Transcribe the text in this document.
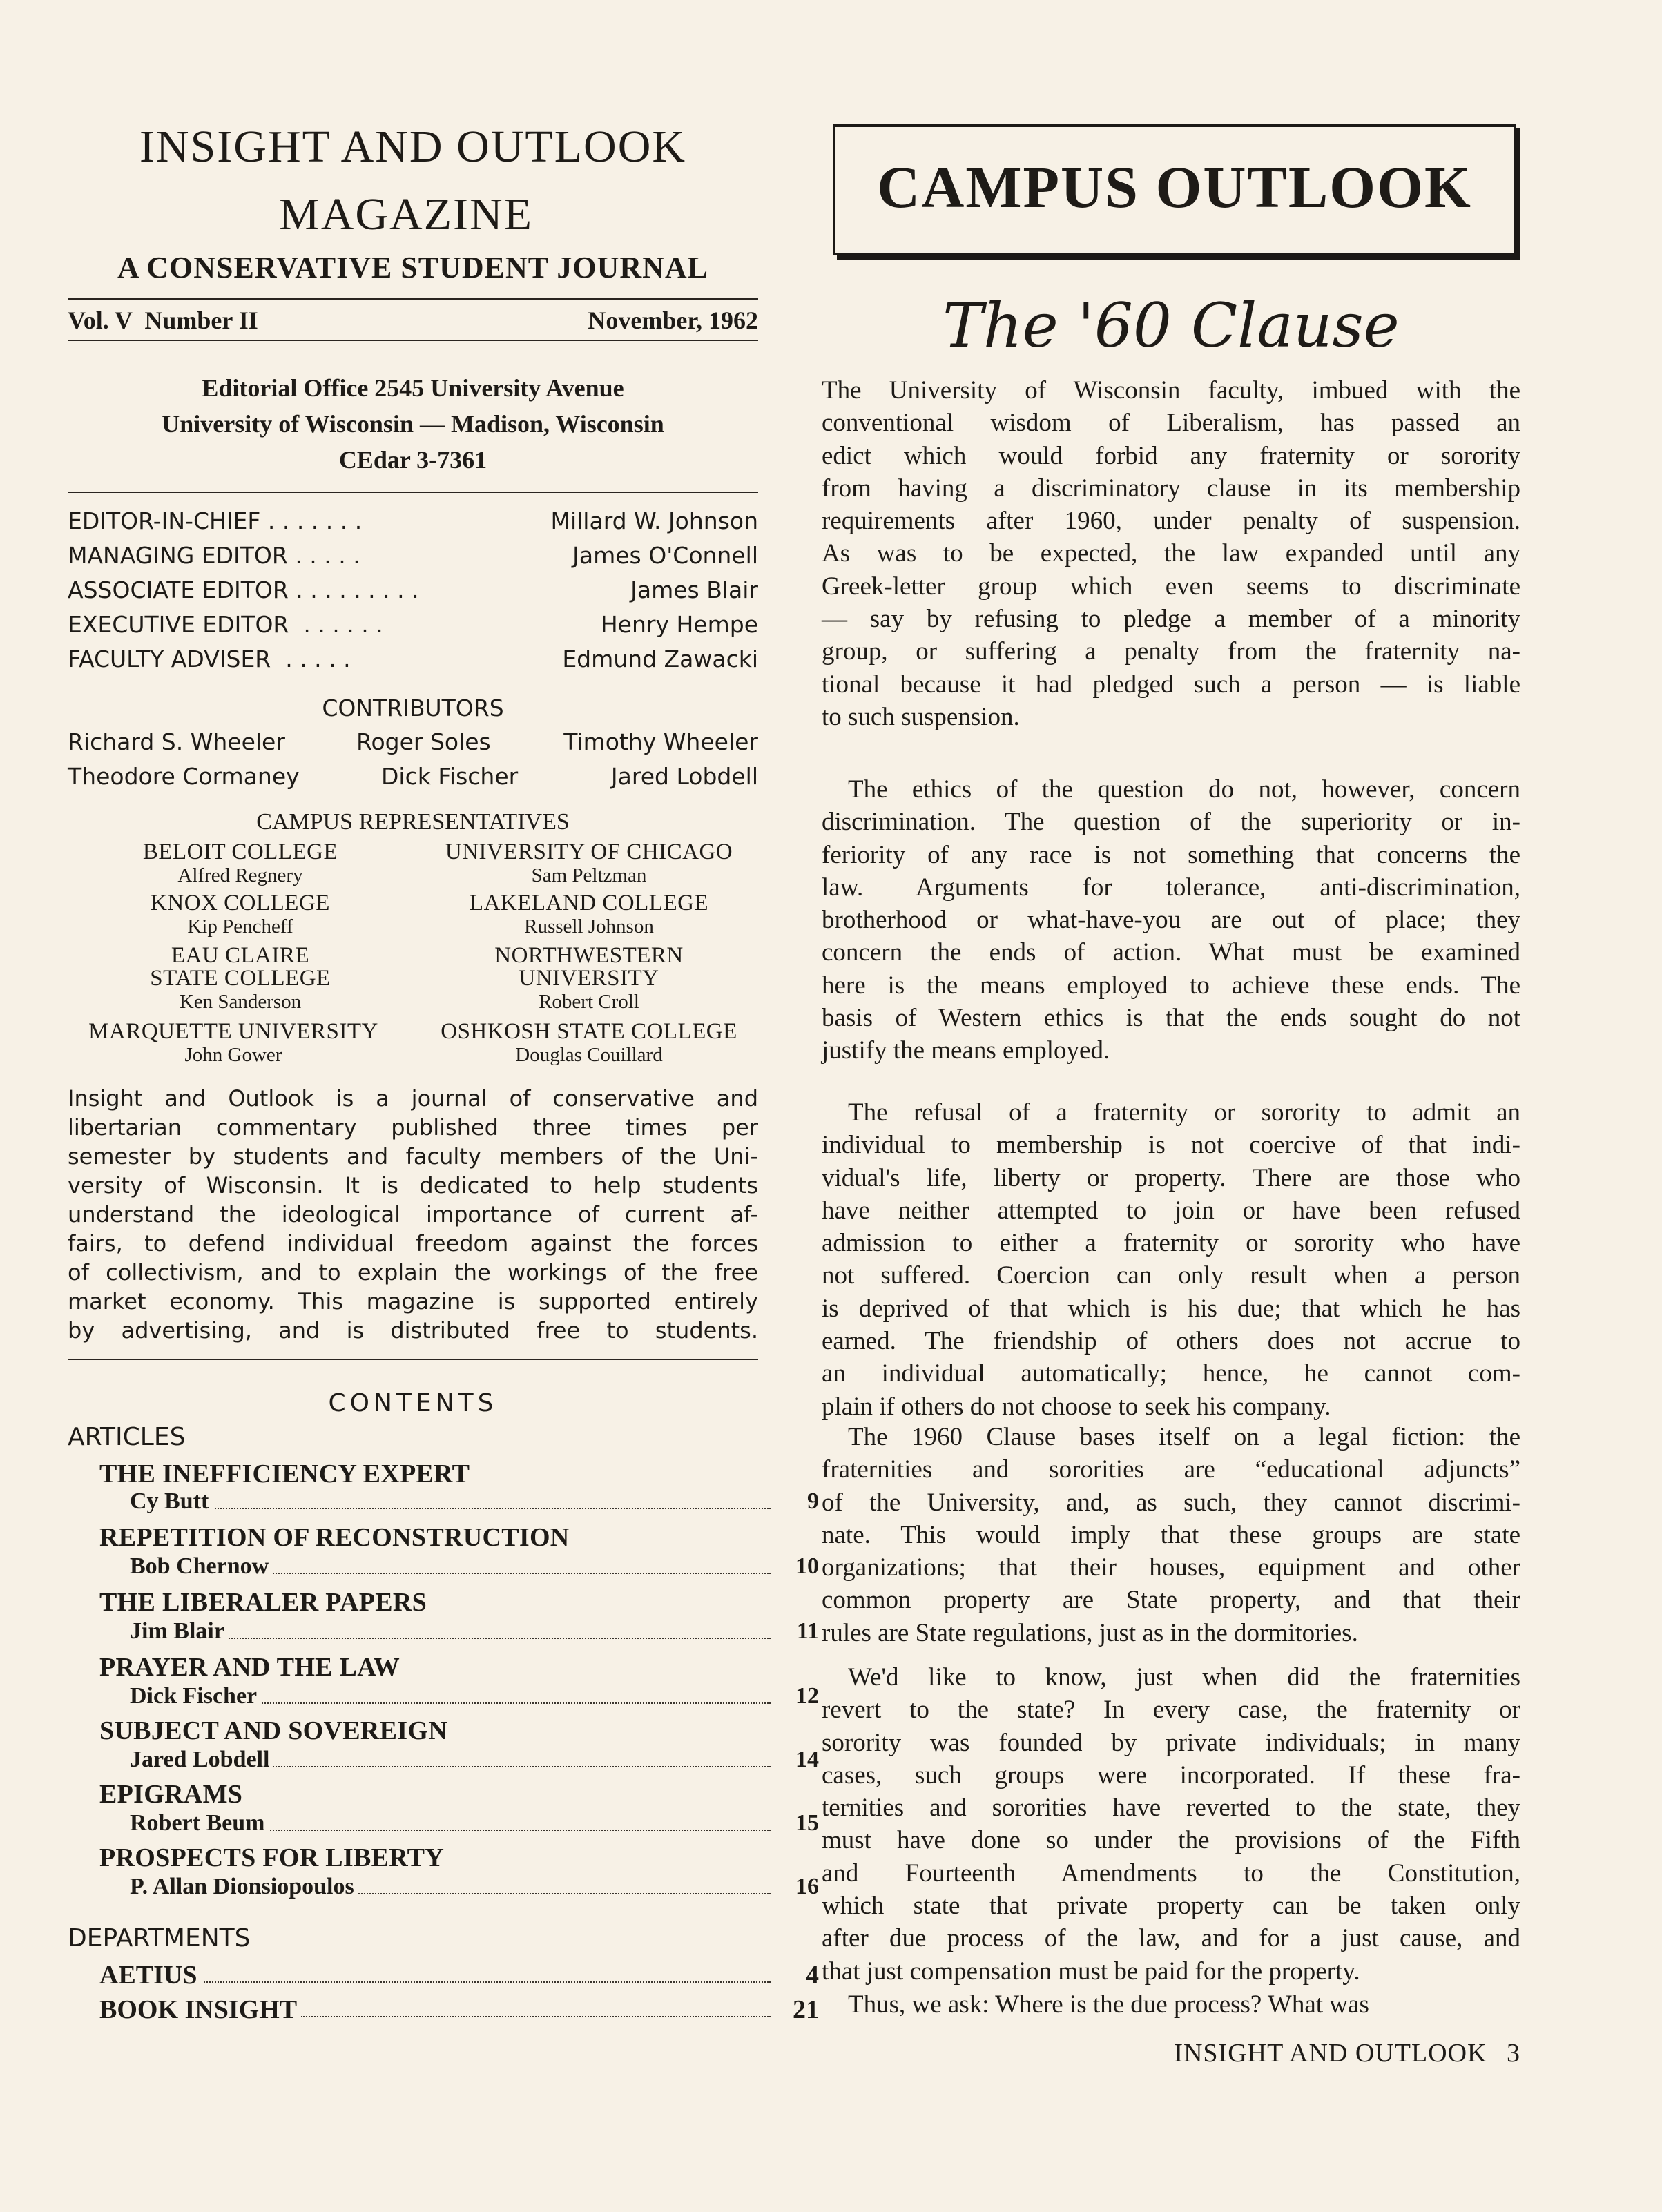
INSIGHT AND OUTLOOK
MAGAZINE
A CONSERVATIVE STUDENT JOURNAL
Vol. V  Number II	November, 1962
Editorial Office 2545 University Avenue
University of Wisconsin — Madison, Wisconsin
CEdar 3-7361
EDITOR-IN-CHIEF . . . . . . .	Millard W. Johnson
MANAGING EDITOR . . . . .	James O'Connell
ASSOCIATE EDITOR . . . . . . . . .	James Blair
EXECUTIVE EDITOR  . . . . . .	Henry Hempe
FACULTY ADVISER  . . . . .	Edmund Zawacki
CONTRIBUTORS
Richard S. Wheeler	Roger Soles	Timothy Wheeler
Theodore Cormaney	Dick Fischer	Jared Lobdell
CAMPUS REPRESENTATIVES
BELOIT COLLEGE
Alfred Regnery
UNIVERSITY OF CHICAGO
Sam Peltzman
KNOX COLLEGE
Kip Pencheff
LAKELAND COLLEGE
Russell Johnson
EAU CLAIRE
STATE COLLEGE
Ken Sanderson
NORTHWESTERN
UNIVERSITY
Robert Croll
MARQUETTE UNIVERSITY
John Gower
OSHKOSH STATE COLLEGE
Douglas Couillard
Insight and Outlook is a journal of conservative and
libertarian commentary published three times per
semester by students and faculty members of the Uni-
versity of Wisconsin. It is dedicated to help students
understand the ideological importance of current af-
fairs, to defend individual freedom against the forces
of collectivism, and to explain the workings of the free
market economy. This magazine is supported entirely
by advertising, and is distributed free to students.
CONTENTS
ARTICLES
THE INEFFICIENCY EXPERT
Cy Butt	9
REPETITION OF RECONSTRUCTION
Bob Chernow	10
THE LIBERALER PAPERS
Jim Blair	11
PRAYER AND THE LAW
Dick Fischer	12
SUBJECT AND SOVEREIGN
Jared Lobdell	14
EPIGRAMS
Robert Beum	15
PROSPECTS FOR LIBERTY
P. Allan Dionsiopoulos	16
DEPARTMENTS
AETIUS	4
BOOK INSIGHT	21
CAMPUS OUTLOOK
The '60 Clause
The University of Wisconsin faculty, imbued with the
conventional wisdom of Liberalism, has passed an
edict which would forbid any fraternity or sorority
from having a discriminatory clause in its membership
requirements after 1960, under penalty of suspension.
As was to be expected, the law expanded until any
Greek-letter group which even seems to discriminate
— say by refusing to pledge a member of a minority
group, or suffering a penalty from the fraternity na-
tional because it had pledged such a person — is liable
to such suspension.
The ethics of the question do not, however, concern
discrimination. The question of the superiority or in-
feriority of any race is not something that concerns the
law. Arguments for tolerance, anti-discrimination,
brotherhood or what-have-you are out of place; they
concern the ends of action. What must be examined
here is the means employed to achieve these ends. The
basis of Western ethics is that the ends sought do not
justify the means employed.
The refusal of a fraternity or sorority to admit an
individual to membership is not coercive of that indi-
vidual's life, liberty or property. There are those who
have neither attempted to join or have been refused
admission to either a fraternity or sorority who have
not suffered. Coercion can only result when a person
is deprived of that which is his due; that which he has
earned. The friendship of others does not accrue to
an individual automatically; hence, he cannot com-
plain if others do not choose to seek his company.
The 1960 Clause bases itself on a legal fiction: the
fraternities and sororities are “educational adjuncts”
of the University, and, as such, they cannot discrimi-
nate. This would imply that these groups are state
organizations; that their houses, equipment and other
common property are State property, and that their
rules are State regulations, just as in the dormitories.
We'd like to know, just when did the fraternities
revert to the state? In every case, the fraternity or
sorority was founded by private individuals; in many
cases, such groups were incorporated. If these fra-
ternities and sororities have reverted to the state, they
must have done so under the provisions of the Fifth
and Fourteenth Amendments to the Constitution,
which state that private property can be taken only
after due process of the law, and for a just cause, and
that just compensation must be paid for the property.
Thus, we ask: Where is the due process? What was
INSIGHT AND OUTLOOK 3
